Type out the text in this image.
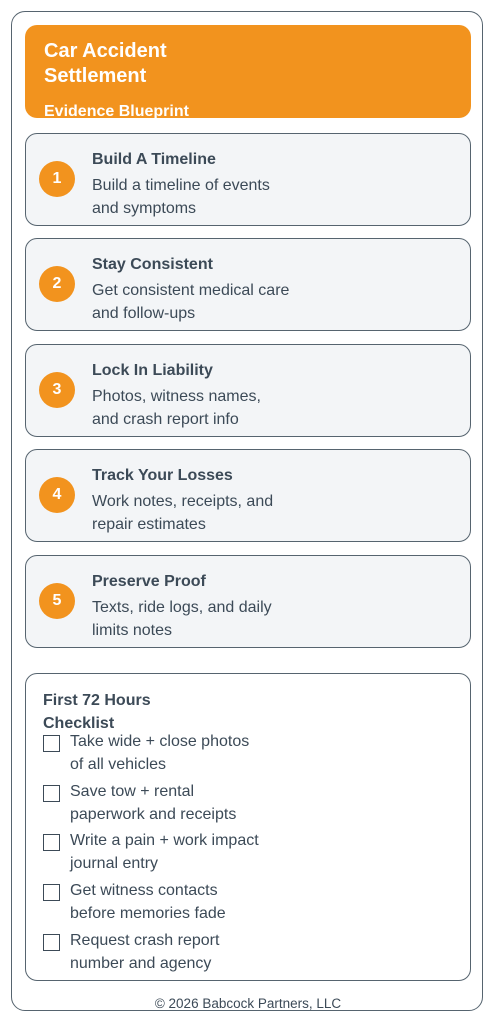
Car Accident Settlement
Evidence Blueprint
1
Build A Timeline
Build a timeline of events and symptoms
2
Stay Consistent
Get consistent medical care and follow-ups
3
Lock In Liability
Photos, witness names, and crash report info
4
Track Your Losses
Work notes, receipts, and repair estimates
5
Preserve Proof
Texts, ride logs, and daily limits notes
First 72 Hours Checklist
Take wide + close photos of all vehicles
Save tow + rental paperwork and receipts
Write a pain + work impact journal entry
Get witness contacts before memories fade
Request crash report number and agency
© 2026 Babcock Partners, LLC
